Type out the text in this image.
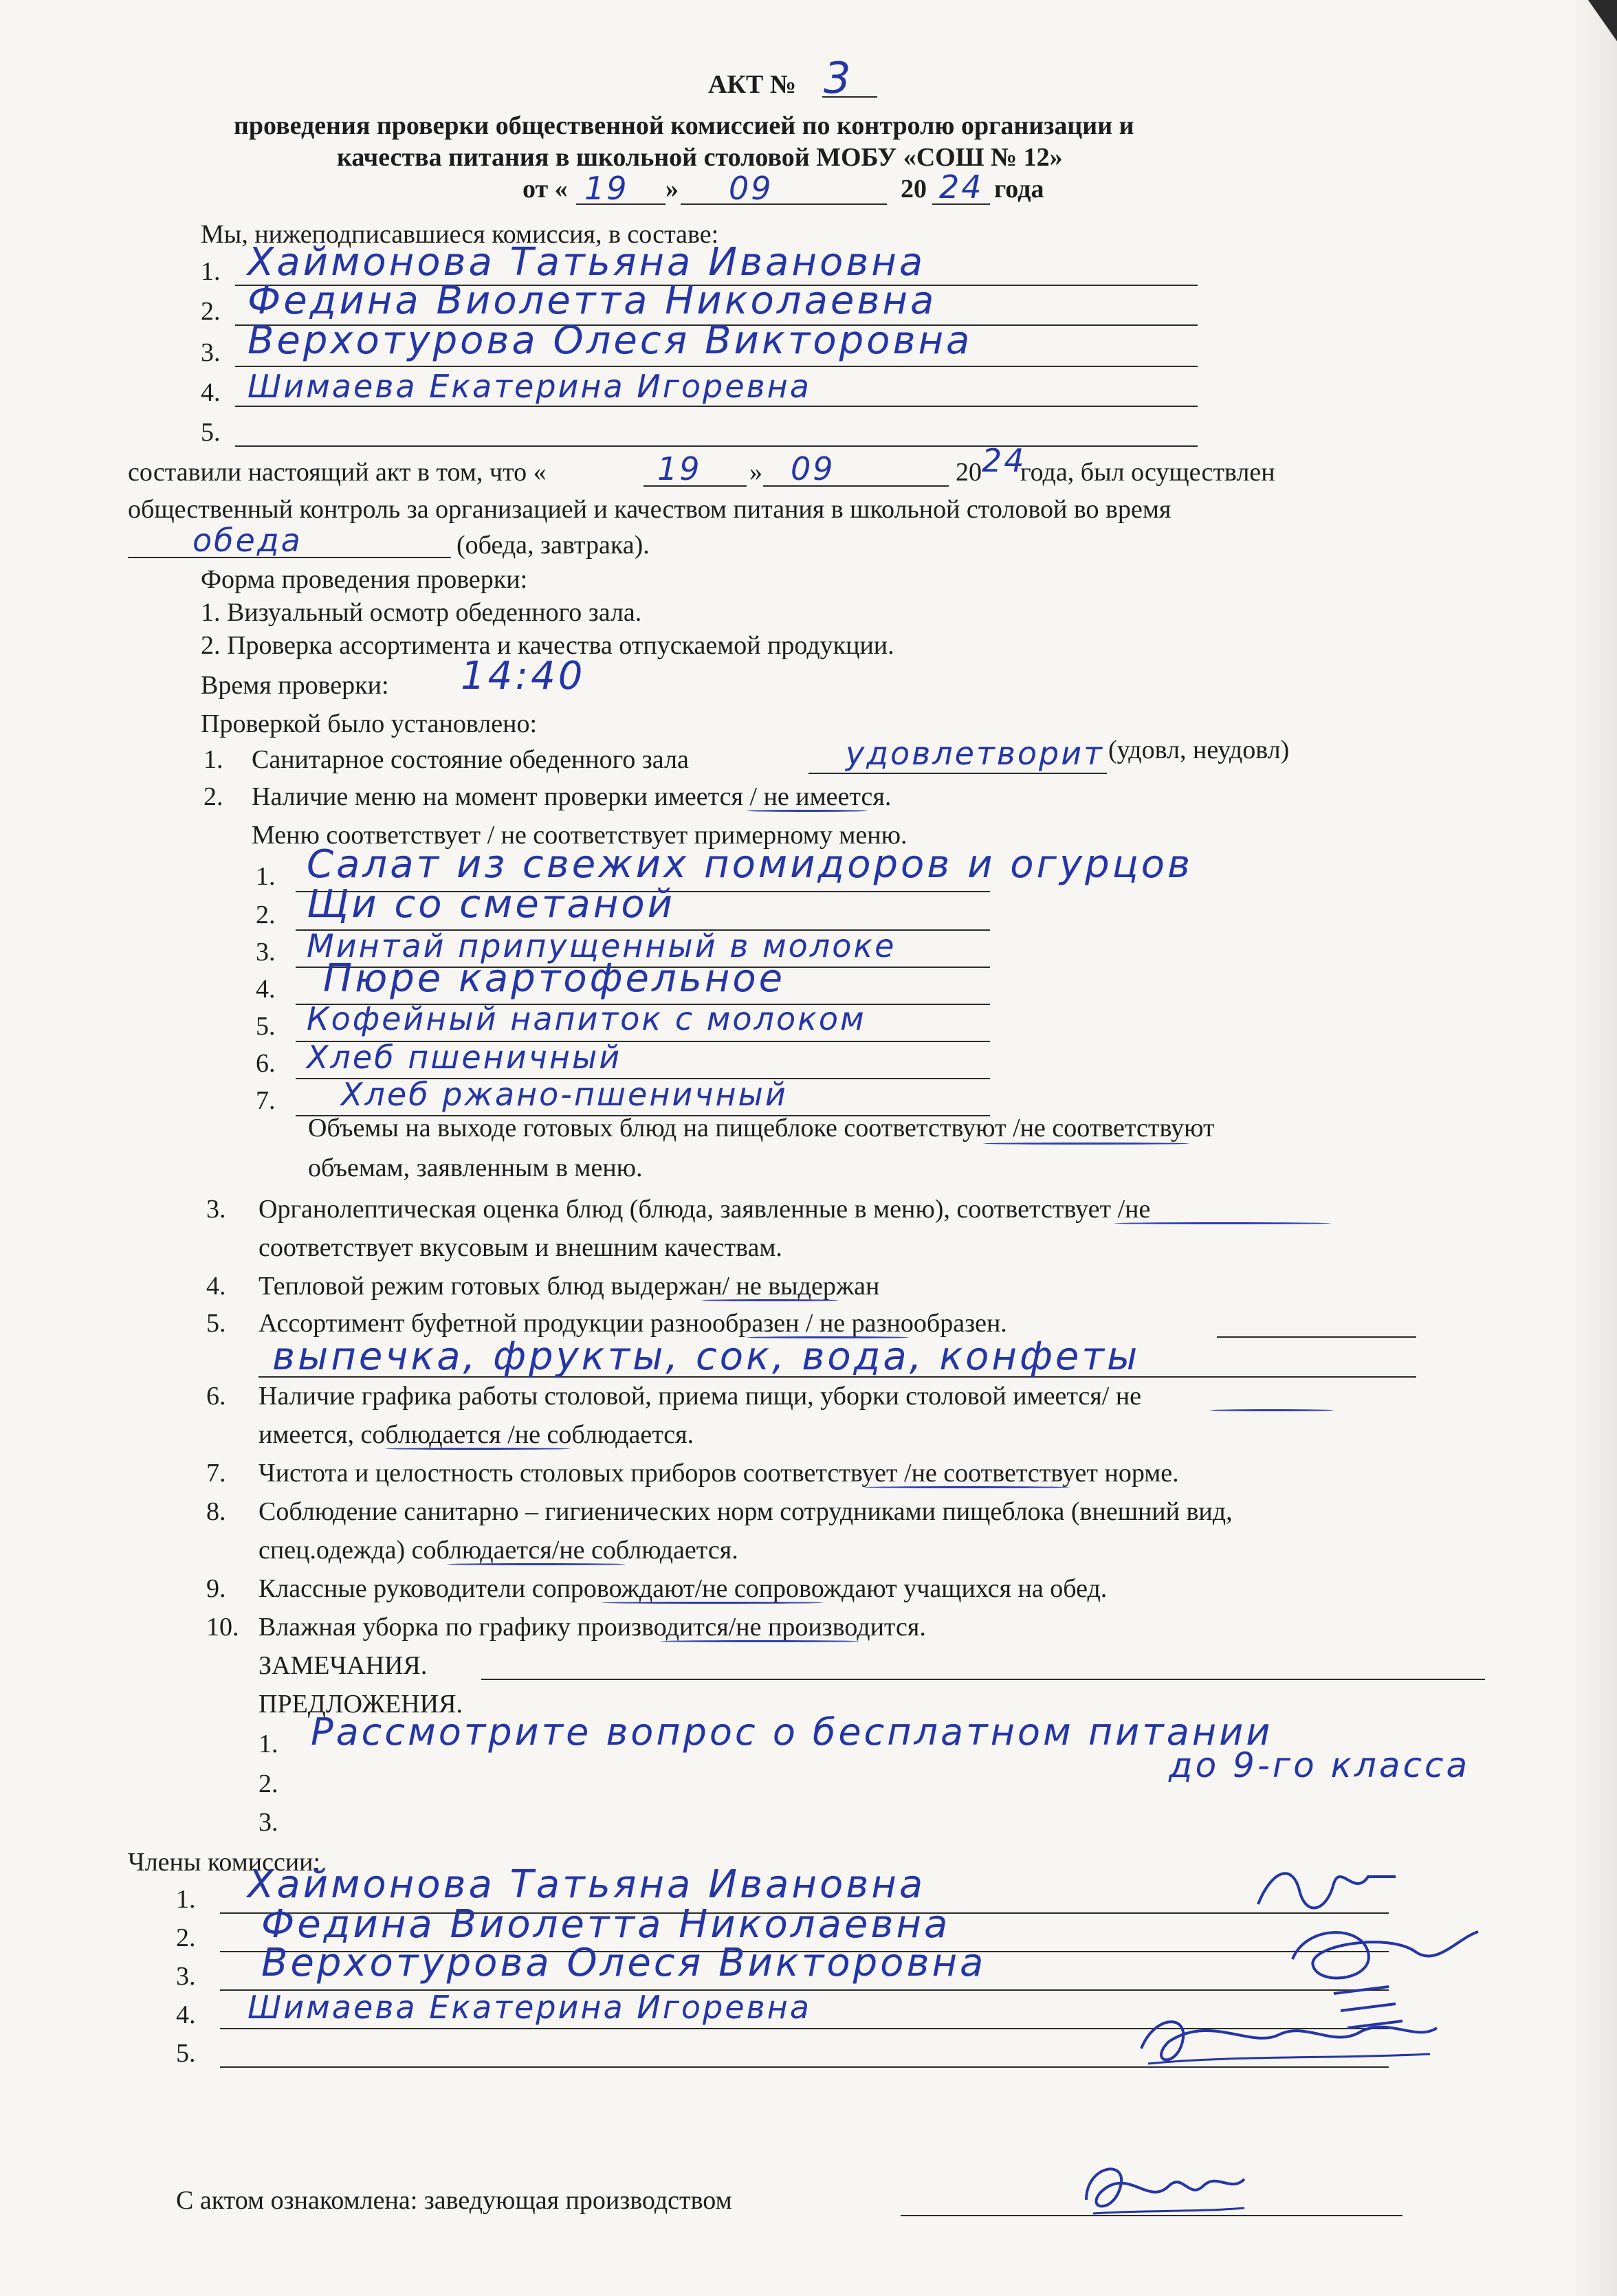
АКТ № 3
проведения проверки общественной комиссией по контролю организации и
качества питания в школьной столовой МОБУ «СОШ № 12»
от « 19 » 09	20 24 года
Мы, нижеподписавшиеся комиссия, в составе:
1. Хаймонова Татьяна Ивановна
2. Федина Виолетта Николаевна
3. Верхотурова Олеся Викторовна
4. Шимаева Екатерина Игоревна
5.
составили настоящий акт в том, что «	19 » 09	20 24
года, был осуществлен
общественный контроль за организацией и качеством питания в школьной столовой во время
обеда	(обеда, завтрака).
Форма проведения проверки:
1. Визуальный осмотр обеденного зала.
2. Проверка ассортимента и качества отпускаемой продукции.
Время проверки: 14:40
Проверкой было установлено:
1. Санитарное состояние обеденного зала	удовлетворит (удовл, неудовл)
2. Наличие меню на момент проверки имеется / не имеется.
Меню соответствует / не соответствует примерному меню.
1. Салат из свежих помидоров и огурцов
2. Щи со сметаной
3. Минтай припущенный в молоке
4. Пюре картофельное
5. Кофейный напиток с молоком
6. Хлеб пшеничный
7. Хлеб ржано-пшеничный
Объемы на выходе готовых блюд на пищеблоке соответствуют /не соответствуют
объемам, заявленным в меню.
3. Органолептическая оценка блюд (блюда, заявленные в меню), соответствует /не
соответствует вкусовым и внешним качествам.
4. Тепловой режим готовых блюд выдержан/ не выдержан
5. Ассортимент буфетной продукции разнообразен / не разнообразен.
выпечка, фрукты, сок, вода, конфеты
6. Наличие графика работы столовой, приема пищи, уборки столовой имеется/ не
имеется, соблюдается /не соблюдается.
7. Чистота и целостность столовых приборов соответствует /не соответствует норме.
8. Соблюдение санитарно – гигиенических норм сотрудниками пищеблока (внешний вид,
спец.одежда) соблюдается/не соблюдается.
9. Классные руководители сопровождают/не сопровождают учащихся на обед.
10. Влажная уборка по графику производится/не производится.
ЗАМЕЧАНИЯ.
ПРЕДЛОЖЕНИЯ.
1. Рассмотрите вопрос о бесплатном питании
до 9-го класса
2.
3.
Члены комиссии:
1. Хаймонова Татьяна Ивановна
2. Федина Виолетта Николаевна
3. Верхотурова Олеся Викторовна
4. Шимаева Екатерина Игоревна
5.
С актом ознакомлена: заведующая производством
